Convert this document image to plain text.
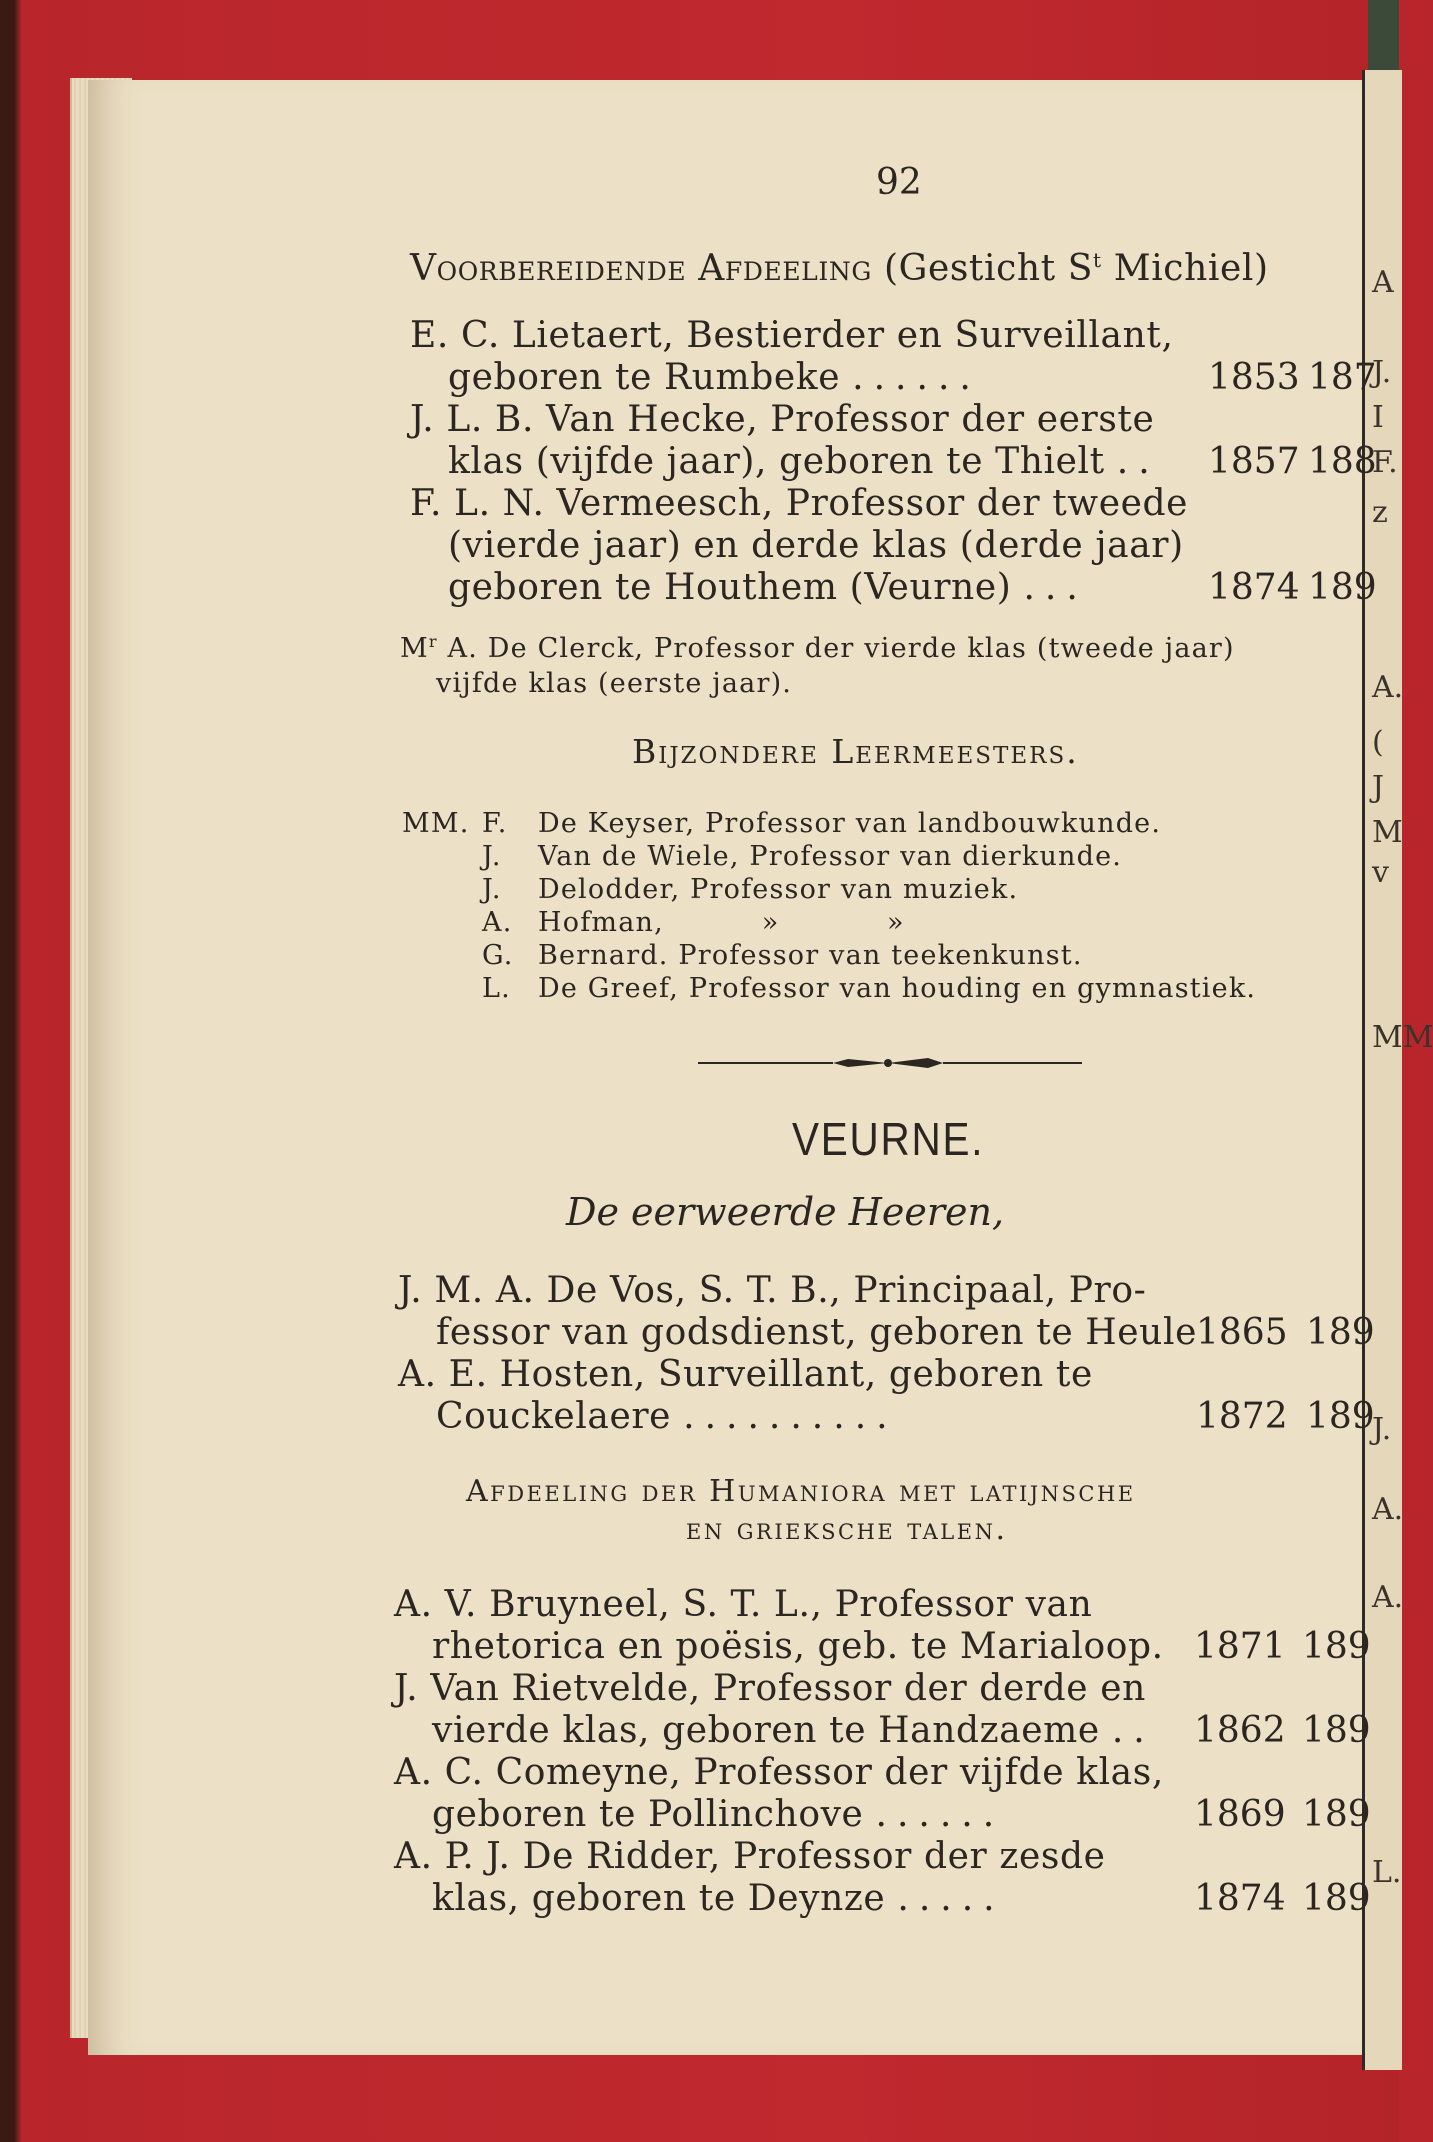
A
J.
I
F.
z
A.
(
J
M
v
MM
J.
A.
A.
L.
92
Voorbereidende Afdeeling (Gesticht $S^t$ Michiel)
E. C. Lietaert, Bestierder en Surveillant,
geboren te Rumbeke ......	1853 187
J. L. B. Van Hecke, Professor der eerste
klas (vijfde jaar), geboren te Thielt .. 1857 188
F. L. N. Vermeesch, Professor der tweede
(vierde jaar) en derde klas (derde jaar)
geboren te Houthem (Veurne) ...	1874 189
$M^r$ A. De Clerck, Professor der vierde klas (tweede jaar)
vijfde klas (eerste jaar).
Bijzondere Leermeesters.
MM. F. De Keyser, Professor van landbouwkunde.
J. Van de Wiele, Professor van dierkunde.
J. Delodder, Professor van muziek.
A. Hofman,          »           »
G. Bernard. Professor van teekenkunst.
L. De Greef, Professor van houding en gymnastiek.
VEURNE.
De eerweerde Heeren,
J. M. A. De Vos, S. T. B., Principaal, Pro-
fessor van godsdienst, geboren te Heule 1865 189
A. E. Hosten, Surveillant, geboren te
Couckelaere ..........	1872 189
Afdeeling der Humaniora met latijnsche
en grieksche talen.
A. V. Bruyneel, S. T. L., Professor van
rhetorica en poësis, geb. te Marialoop. 1871 189
J. Van Rietvelde, Professor der derde en
vierde klas, geboren te Handzaeme .. 1862 189
A. C. Comeyne, Professor der vijfde klas,
geboren te Pollinchove ......	1869 189
A. P. J. De Ridder, Professor der zesde
klas, geboren te Deynze .....	1874 189
